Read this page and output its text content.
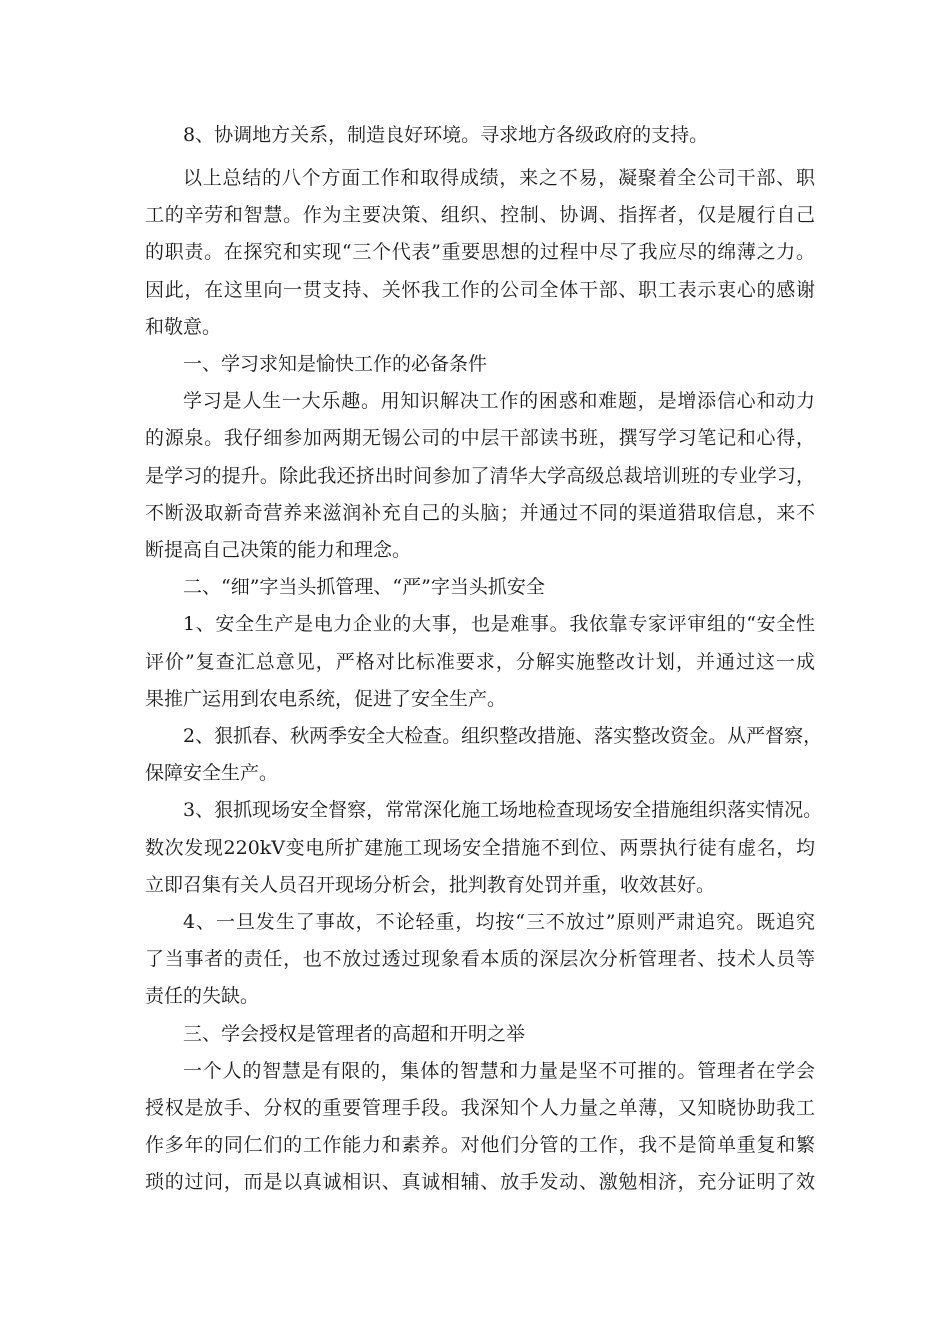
8、协调地方关系，制造良好环境。寻求地方各级政府的支持。
以上总结的八个方面工作和取得成绩，来之不易，凝聚着全公司干部、职
工的辛劳和智慧。作为主要决策、组织、控制、协调、指挥者，仅是履行自己
的职责。在探究和实现“三个代表”重要思想的过程中尽了我应尽的绵薄之力。
因此，在这里向一贯支持、关怀我工作的公司全体干部、职工表示衷心的感谢
和敬意。
一、学习求知是愉快工作的必备条件
学习是人生一大乐趣。用知识解决工作的困惑和难题，是增添信心和动力
的源泉。我仔细参加两期无锡公司的中层干部读书班，撰写学习笔记和心得，
是学习的提升。除此我还挤出时间参加了清华大学高级总裁培训班的专业学习，
不断汲取新奇营养来滋润补充自己的头脑；并通过不同的渠道猎取信息，来不
断提高自己决策的能力和理念。
二、“细”字当头抓管理、“严”字当头抓安全
1、安全生产是电力企业的大事，也是难事。我依靠专家评审组的“安全性
评价”复查汇总意见，严格对比标准要求，分解实施整改计划，并通过这一成
果推广运用到农电系统，促进了安全生产。
2、狠抓春、秋两季安全大检查。组织整改措施、落实整改资金。从严督察，
保障安全生产。
3、狠抓现场安全督察，常常深化施工场地检查现场安全措施组织落实情况。
数次发现220kV变电所扩建施工现场安全措施不到位、两票执行徒有虚名，均
立即召集有关人员召开现场分析会，批判教育处罚并重，收效甚好。
4、一旦发生了事故，不论轻重，均按“三不放过”原则严肃追究。既追究
了当事者的责任，也不放过透过现象看本质的深层次分析管理者、技术人员等
责任的失缺。
三、学会授权是管理者的高超和开明之举
一个人的智慧是有限的，集体的智慧和力量是坚不可摧的。管理者在学会
授权是放手、分权的重要管理手段。我深知个人力量之单薄，又知晓协助我工
作多年的同仁们的工作能力和素养。对他们分管的工作，我不是简单重复和繁
琐的过问，而是以真诚相识、真诚相辅、放手发动、激勉相济，充分证明了效
